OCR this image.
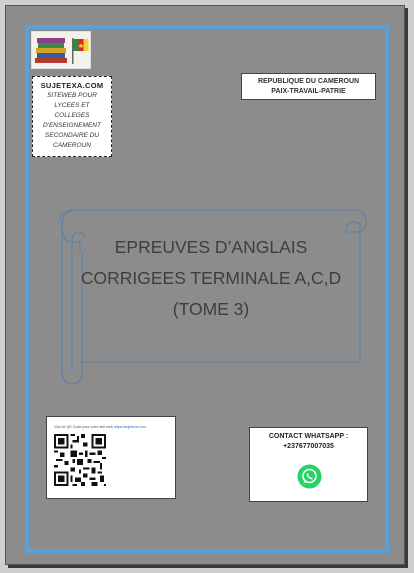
SUJETEXA.COM
SITEWEB POUR LYCEES ET COLLEGES D'ENSEIGNEMENT SECONDAIRE DU CAMEROUN
REPUBLIQUE DU CAMEROUN
PAIX-TRAVAIL-PATRIE
EPREUVES D’ANGLAIS
CORRIGEES TERMINALE A,C,D
(TOME 3)
Voici le QR Code pour votre site web https://sujetexa.com
CONTACT WHATSAPP :
+237677007035
